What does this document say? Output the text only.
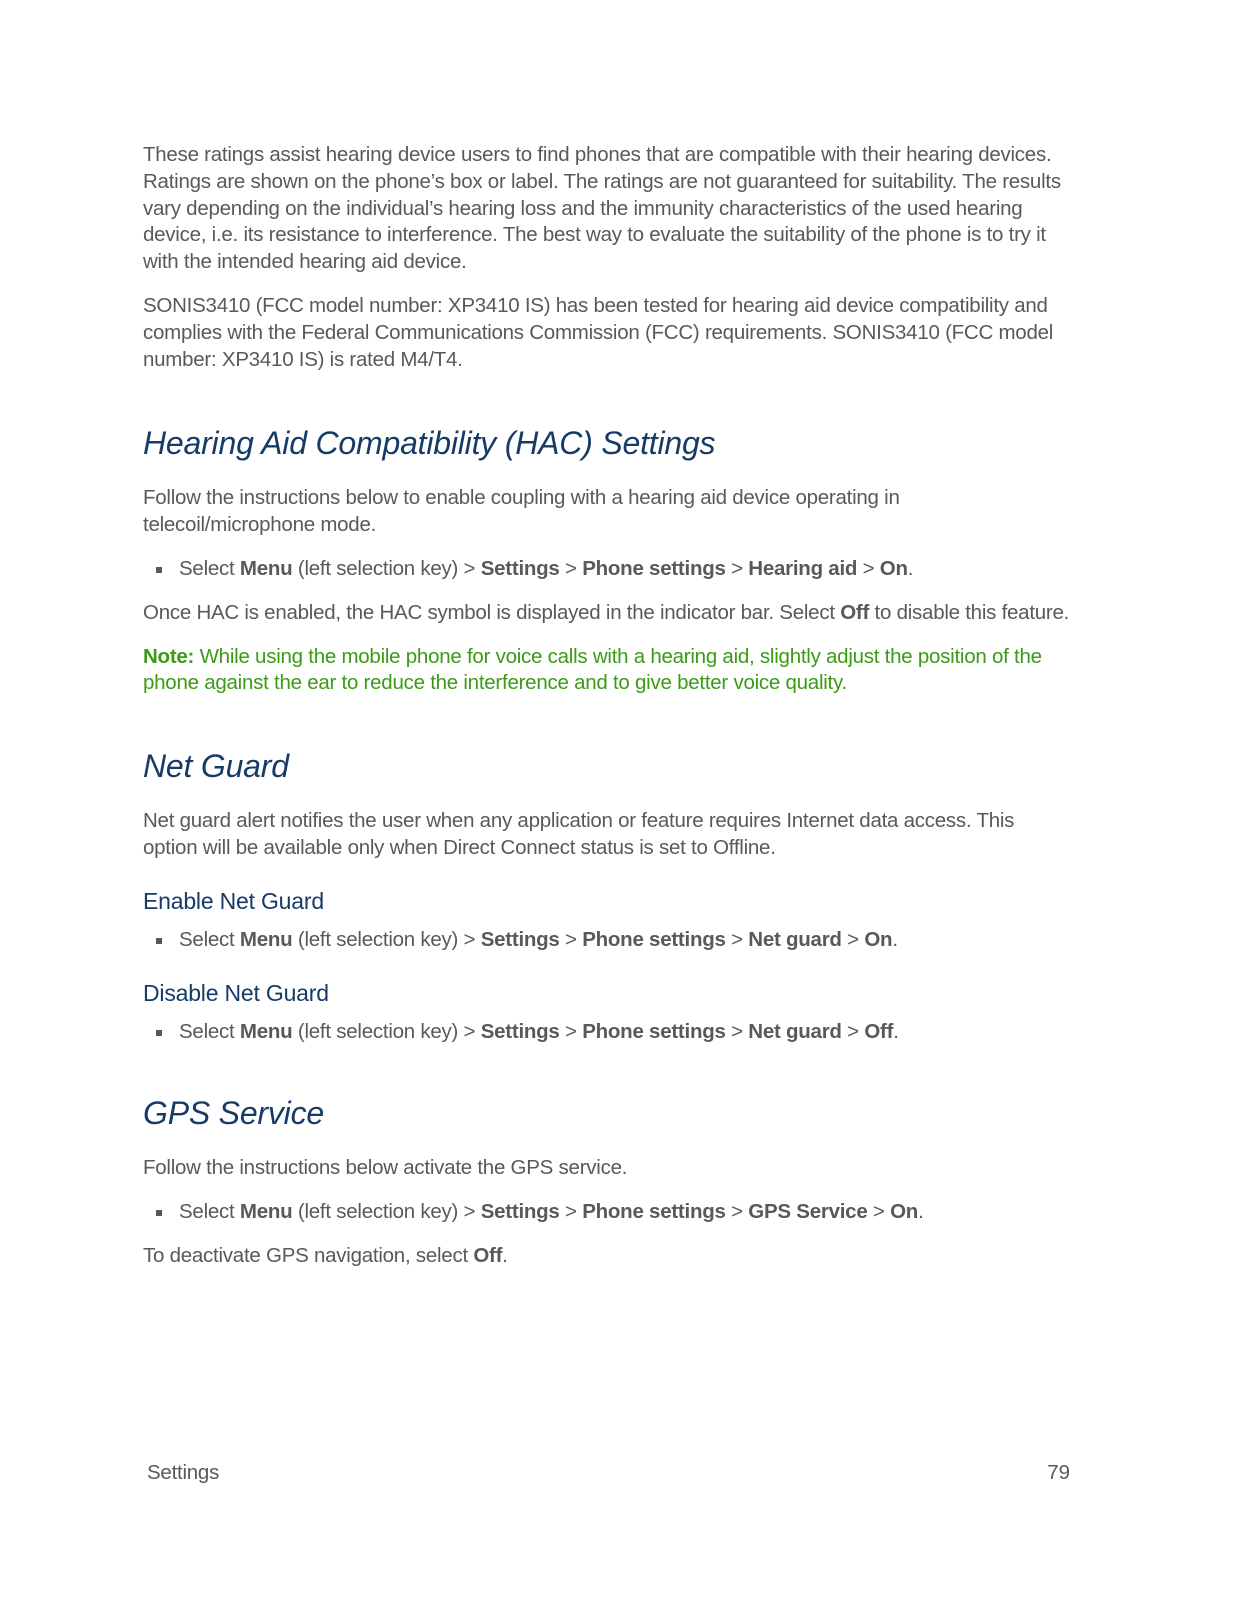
These ratings assist hearing device users to find phones that are compatible with their hearing devices. Ratings are shown on the phone’s box or label. The ratings are not guaranteed for suitability. The results vary depending on the individual’s hearing loss and the immunity characteristics of the used hearing device, i.e. its resistance to interference. The best way to evaluate the suitability of the phone is to try it with the intended hearing aid device.

SONIS3410 (FCC model number: XP3410 IS) has been tested for hearing aid device compatibility and complies with the Federal Communications Commission (FCC) requirements. SONIS3410 (FCC model number: XP3410 IS) is rated M4/T4.

Hearing Aid Compatibility (HAC) Settings

Follow the instructions below to enable coupling with a hearing aid device operating in telecoil/microphone mode.

Select Menu (left selection key) > Settings > Phone settings > Hearing aid > On.

Once HAC is enabled, the HAC symbol is displayed in the indicator bar. Select Off to disable this feature.

Note: While using the mobile phone for voice calls with a hearing aid, slightly adjust the position of the phone against the ear to reduce the interference and to give better voice quality.

Net Guard

Net guard alert notifies the user when any application or feature requires Internet data access. This option will be available only when Direct Connect status is set to Offline.

Enable Net Guard
Select Menu (left selection key) > Settings > Phone settings > Net guard > On.
Disable Net Guard
Select Menu (left selection key) > Settings > Phone settings > Net guard > Off.
GPS Service

Follow the instructions below activate the GPS service.

Select Menu (left selection key) > Settings > Phone settings > GPS Service > On.

To deactivate GPS navigation, select Off.

Settings	79
